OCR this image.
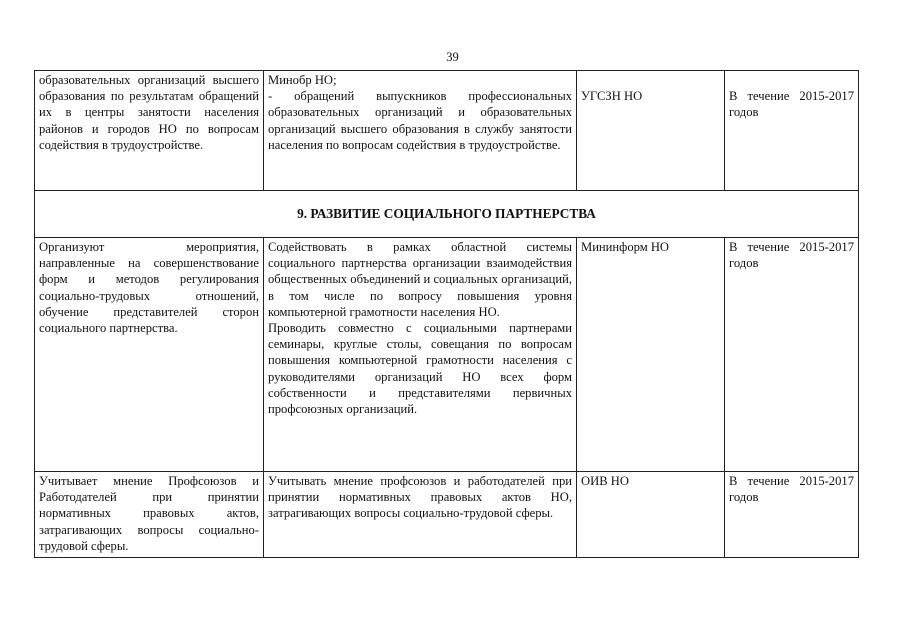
39
образовательных организаций высшего образования по результатам обращений их в центры занятости населения районов и городов НО по вопросам содействия в трудоустройстве.	Минобр НО;
- обращений выпускников профессиональных образовательных организаций и образовательных организаций высшего образования в службу занятости населения по вопросам содействия в трудоустройстве.	УГСЗН НО	В течение 2015-2017 годов

9. РАЗВИТИЕ СОЦИАЛЬНОГО ПАРТНЕРСТВА			

Организуют мероприятия, направленные на совершенствование форм и методов регулирования социально-трудовых отношений, обучение представителей сторон социального партнерства.	Содействовать в рамках областной системы социального партнерства организации взаимодействия общественных объединений и социальных организаций, в том числе по вопросу повышения уровня компьютерной грамотности населения НО.
Проводить совместно с социальными партнерами семинары, круглые столы, совещания по вопросам повышения компьютерной грамотности населения с руководителями организаций НО всех форм собственности и представителями первичных профсоюзных организаций.	Мининформ НО	В течение 2015-2017 годов

Учитывает мнение Профсоюзов и Работодателей при принятии нормативных правовых актов, затрагивающих вопросы социально-трудовой сферы.	Учитывать мнение профсоюзов и работодателей при принятии нормативных правовых актов НО, затрагивающих вопросы социально-трудовой сферы.	ОИВ НО	В течение 2015-2017 годов
